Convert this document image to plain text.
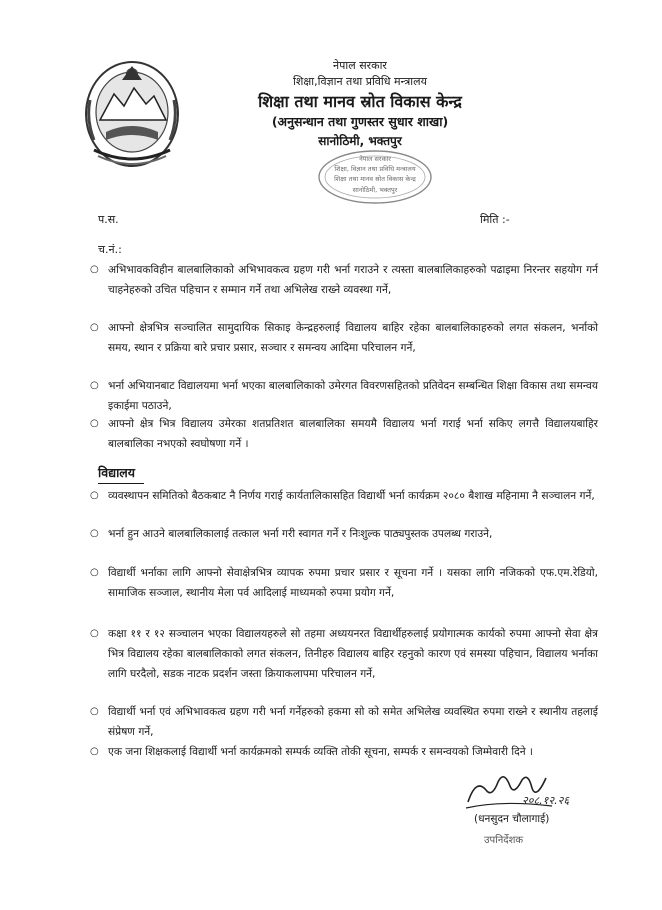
नेपाल सरकार
शिक्षा,विज्ञान तथा प्रविधि मन्त्रालय
शिक्षा तथा मानव स्रोत विकास केन्द्र
(अनुसन्धान तथा गुणस्तर सुधार शाखा)
सानोठिमी, भक्तपुर
नेपाल सरकार
शिक्षा, विज्ञान तथा प्रविधि मन्त्रालय
शिक्षा तथा मानव स्रोत विकास केन्द्र
सानोठिमी, भक्तपुर
प.स.	मिति :-
च.नं.:
○ अभिभावकविहीन बालबालिकाको अभिभावकत्व ग्रहण गरी भर्ना गराउने र त्यस्ता बालबालिकाहरुको पढाइमा निरन्तर सहयोग गर्न चाहनेहरुको उचित पहिचान र सम्मान गर्ने तथा अभिलेख राख्ने व्यवस्था गर्ने,
○ आफ्नो क्षेत्रभित्र सञ्चालित सामुदायिक सिकाइ केन्द्रहरुलाई विद्यालय बाहिर रहेका बालबालिकाहरुको लगत संकलन, भर्नाको समय, स्थान र प्रक्रिया बारे प्रचार प्रसार, सञ्चार र समन्वय आदिमा परिचालन गर्ने,
○ भर्ना अभियानबाट विद्यालयमा भर्ना भएका बालबालिकाको उमेरगत विवरणसहितको प्रतिवेदन सम्बन्धित शिक्षा विकास तथा समन्वय इकाईमा पठाउने,
○ आफ्नो क्षेत्र भित्र विद्यालय उमेरका शतप्रतिशत बालबालिका समयमै विद्यालय भर्ना गराई भर्ना सकिए लगत्तै विद्यालयबाहिर बालबालिका नभएको स्वघोषणा गर्ने ।
विद्यालय
○ व्यवस्थापन समितिको बैठकबाट नै निर्णय गराई कार्यतालिकासहित विद्यार्थी भर्ना कार्यक्रम २०८० बैशाख महिनामा नै सञ्चालन गर्ने,
○ भर्ना हुन आउने बालबालिकालाई तत्काल भर्ना गरी स्वागत गर्ने र निःशुल्क पाठ्यपुस्तक उपलब्ध गराउने,
○ विद्यार्थी भर्नाका लागि आफ्नो सेवाक्षेत्रभित्र व्यापक रुपमा प्रचार प्रसार र सूचना गर्ने । यसका लागि नजिकको एफ.एम.रेडियो, सामाजिक सञ्जाल, स्थानीय मेला पर्व आदिलाई माध्यमको रुपमा प्रयोग गर्ने,
○ कक्षा ११ र १२ सञ्चालन भएका विद्यालयहरुले सो तहमा अध्ययनरत विद्यार्थीहरुलाई प्रयोगात्मक कार्यको रुपमा आफ्नो सेवा क्षेत्र भित्र विद्यालय रहेका बालबालिकाको लगत संकलन, तिनीहरु विद्यालय बाहिर रहनुको कारण एवं समस्या पहिचान, विद्यालय भर्नाका लागि घरदैलो, सडक नाटक प्रदर्शन जस्ता क्रियाकलापमा परिचालन गर्ने,
○ विद्यार्थी भर्ना एवं अभिभावकत्व ग्रहण गरी भर्ना गर्नेहरुको हकमा सो को समेत अभिलेख व्यवस्थित रुपमा राख्ने र स्थानीय तहलाई संप्रेषण गर्ने,
○ एक जना शिक्षकलाई विद्यार्थी भर्ना कार्यक्रमको सम्पर्क व्यक्ति तोकी सूचना, सम्पर्क र समन्वयको जिम्मेवारी दिने ।
२०८.१२.२६
(धनसुदन चौलागाई)
उपनिर्देशक
